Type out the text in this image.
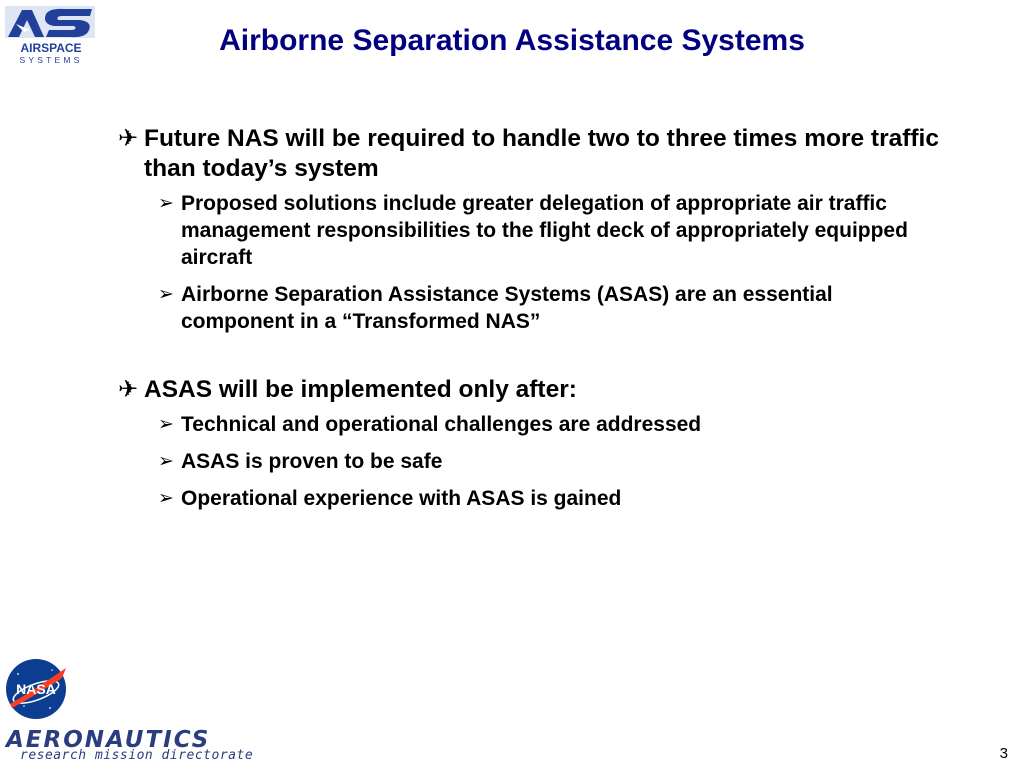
AIRSPACE
SYSTEMS
Airborne Separation Assistance Systems
✈ Future NAS will be required to handle two to three times more traffic than today’s system
➢ Proposed solutions include greater delegation of appropriate air traffic management responsibilities to the flight deck of appropriately equipped aircraft
➢ Airborne Separation Assistance Systems (ASAS) are an essential component in a “Transformed NAS”
✈ ASAS will be implemented only after:
➢ Technical and operational challenges are addressed
➢ ASAS is proven to be safe
➢ Operational experience with ASAS is gained
NASA
AERONAUTICS
research mission directorate	3
